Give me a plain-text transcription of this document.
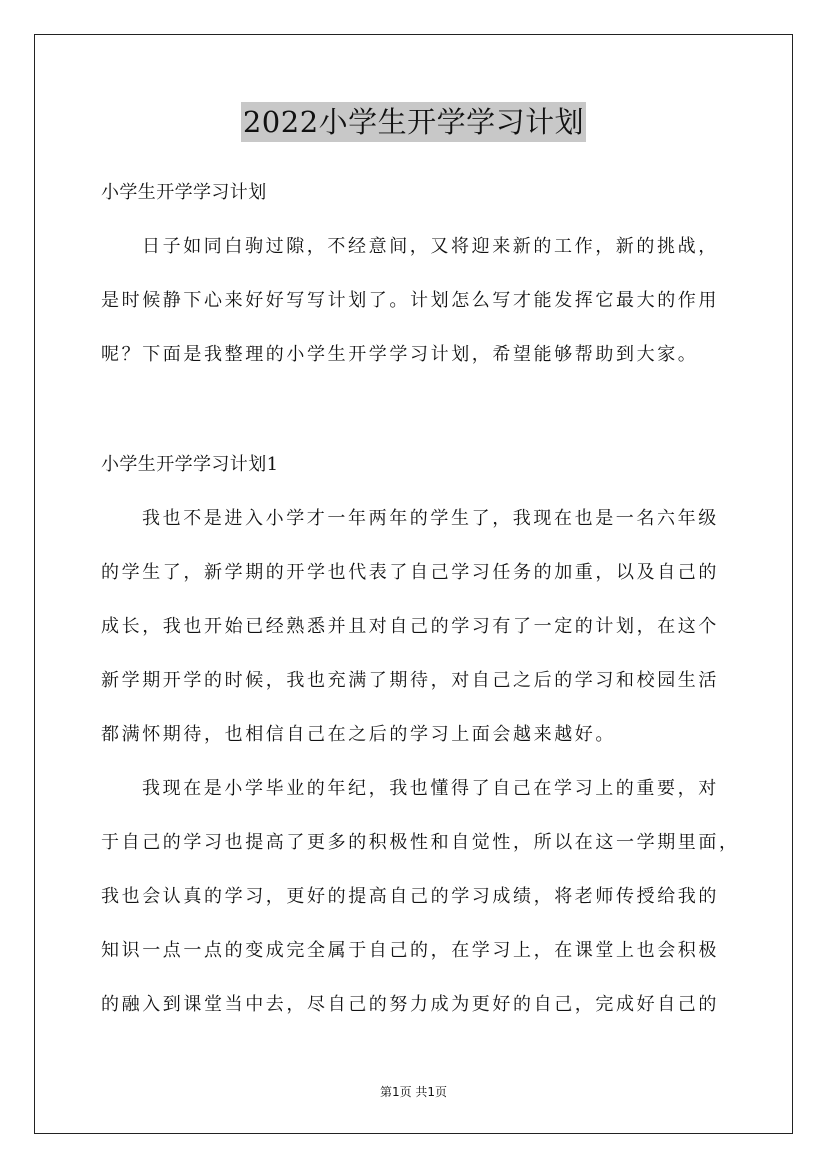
2022小学生开学学习计划
小学生开学学习计划

日子如同白驹过隙，不经意间，又将迎来新的工作，新的挑战，

是时候静下心来好好写写计划了。计划怎么写才能发挥它最大的作用

呢？下面是我整理的小学生开学学习计划，希望能够帮助到大家。

小学生开学学习计划1

我也不是进入小学才一年两年的学生了，我现在也是一名六年级

的学生了，新学期的开学也代表了自己学习任务的加重，以及自己的

成长，我也开始已经熟悉并且对自己的学习有了一定的计划，在这个

新学期开学的时候，我也充满了期待，对自己之后的学习和校园生活

都满怀期待，也相信自己在之后的学习上面会越来越好。

我现在是小学毕业的年纪，我也懂得了自己在学习上的重要，对

于自己的学习也提高了更多的积极性和自觉性，所以在这一学期里面，

我也会认真的学习，更好的提高自己的学习成绩，将老师传授给我的

知识一点一点的变成完全属于自己的，在学习上，在课堂上也会积极

的融入到课堂当中去，尽自己的努力成为更好的自己，完成好自己的

第1页 共1页
